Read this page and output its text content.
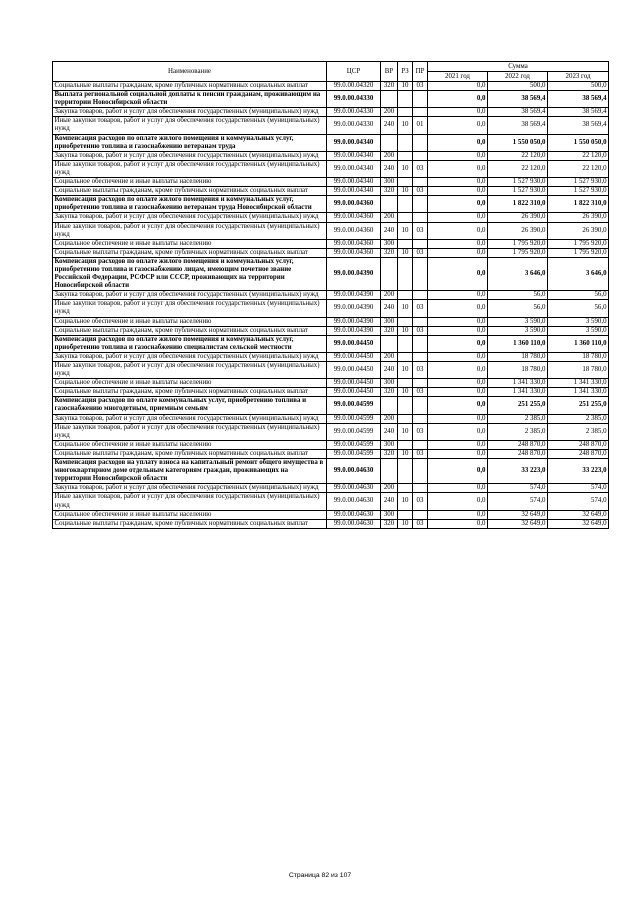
Наименование	ЦСР	ВР	РЗ	ПР	Сумма		
					2021 год	2022 год	2023 год
Социальные выплаты гражданам, кроме публичных нормативных социальных выплат	99.0.00.04320	320	10	03	0,0	500,0	500,0
Выплата региональной социальной доплаты к пенсии гражданам, проживающим на территории Новосибирской области	99.0.00.04330				0,0	38 569,4	38 569,4
Закупка товаров, работ и услуг для обеспечения государственных (муниципальных) нужд	99.0.00.04330	200			0,0	38 569,4	38 569,4
Иные закупки товаров, работ и услуг для обеспечения государственных (муниципальных) нужд	99.0.00.04330	240	10	01	0,0	38 569,4	38 569,4
Компенсация расходов по оплате жилого помещения и коммунальных услуг, приобретению топлива и газоснабжению ветеранам труда	99.0.00.04340				0,0	1 550 050,0	1 550 050,0
Закупка товаров, работ и услуг для обеспечения государственных (муниципальных) нужд	99.0.00.04340	200			0,0	22 120,0	22 120,0
Иные закупки товаров, работ и услуг для обеспечения государственных (муниципальных) нужд	99.0.00.04340	240	10	03	0,0	22 120,0	22 120,0
Социальное обеспечение и иные выплаты населению	99.0.00.04340	300			0,0	1 527 930,0	1 527 930,0
Социальные выплаты гражданам, кроме публичных нормативных социальных выплат	99.0.00.04340	320	10	03	0,0	1 527 930,0	1 527 930,0
Компенсация расходов по оплате жилого помещения и коммунальных услуг, приобретению топлива и газоснабжению ветеранам труда Новосибирской области	99.0.00.04360				0,0	1 822 310,0	1 822 310,0
Закупка товаров, работ и услуг для обеспечения государственных (муниципальных) нужд	99.0.00.04360	200			0,0	26 390,0	26 390,0
Иные закупки товаров, работ и услуг для обеспечения государственных (муниципальных) нужд	99.0.00.04360	240	10	03	0,0	26 390,0	26 390,0
Социальное обеспечение и иные выплаты населению	99.0.00.04360	300			0,0	1 795 920,0	1 795 920,0
Социальные выплаты гражданам, кроме публичных нормативных социальных выплат	99.0.00.04360	320	10	03	0,0	1 795 920,0	1 795 920,0
Компенсация расходов по оплате жилого помещения и коммунальных услуг, приобретению топлива и газоснабжению лицам, имеющим почетное звание Российской Федерации, РСФСР или СССР, проживающих на территории Новосибирской области	99.0.00.04390				0,0	3 646,0	3 646,0
Закупка товаров, работ и услуг для обеспечения государственных (муниципальных) нужд	99.0.00.04390	200			0,0	56,0	56,0
Иные закупки товаров, работ и услуг для обеспечения государственных (муниципальных) нужд	99.0.00.04390	240	10	03	0,0	56,0	56,0
Социальное обеспечение и иные выплаты населению	99.0.00.04390	300			0,0	3 590,0	3 590,0
Социальные выплаты гражданам, кроме публичных нормативных социальных выплат	99.0.00.04390	320	10	03	0,0	3 590,0	3 590,0
Компенсация расходов по оплате жилого помещения и коммунальных услуг, приобретению топлива и газоснабжению специалистам сельской местности	99.0.00.04450				0,0	1 360 110,0	1 360 110,0
Закупка товаров, работ и услуг для обеспечения государственных (муниципальных) нужд	99.0.00.04450	200			0,0	18 780,0	18 780,0
Иные закупки товаров, работ и услуг для обеспечения государственных (муниципальных) нужд	99.0.00.04450	240	10	03	0,0	18 780,0	18 780,0
Социальное обеспечение и иные выплаты населению	99.0.00.04450	300			0,0	1 341 330,0	1 341 330,0
Социальные выплаты гражданам, кроме публичных нормативных социальных выплат	99.0.00.04450	320	10	03	0,0	1 341 330,0	1 341 330,0
Компенсация расходов по оплате коммунальных услуг, приобретению топлива и газоснабжению многодетным, приемным семьям	99.0.00.04599				0,0	251 255,0	251 255,0
Закупка товаров, работ и услуг для обеспечения государственных (муниципальных) нужд	99.0.00.04599	200			0,0	2 385,0	2 385,0
Иные закупки товаров, работ и услуг для обеспечения государственных (муниципальных) нужд	99.0.00.04599	240	10	03	0,0	2 385,0	2 385,0
Социальное обеспечение и иные выплаты населению	99.0.00.04599	300			0,0	248 870,0	248 870,0
Социальные выплаты гражданам, кроме публичных нормативных социальных выплат	99.0.00.04599	320	10	03	0,0	248 870,0	248 870,0
Компенсация расходов на уплату взноса на капитальный ремонт общего имущества в многоквартирном доме отдельным категориям граждан, проживающих на территории Новосибирской области	99.0.00.04630				0,0	33 223,0	33 223,0
Закупка товаров, работ и услуг для обеспечения государственных (муниципальных) нужд	99.0.00.04630	200			0,0	574,0	574,0
Иные закупки товаров, работ и услуг для обеспечения государственных (муниципальных) нужд	99.0.00.04630	240	10	03	0,0	574,0	574,0
Социальное обеспечение и иные выплаты населению	99.0.00.04630	300			0,0	32 649,0	32 649,0
Социальные выплаты гражданам, кроме публичных нормативных социальных выплат	99.0.00.04630	320	10	03	0,0	32 649,0	32 649,0
Страница 82 из 107
